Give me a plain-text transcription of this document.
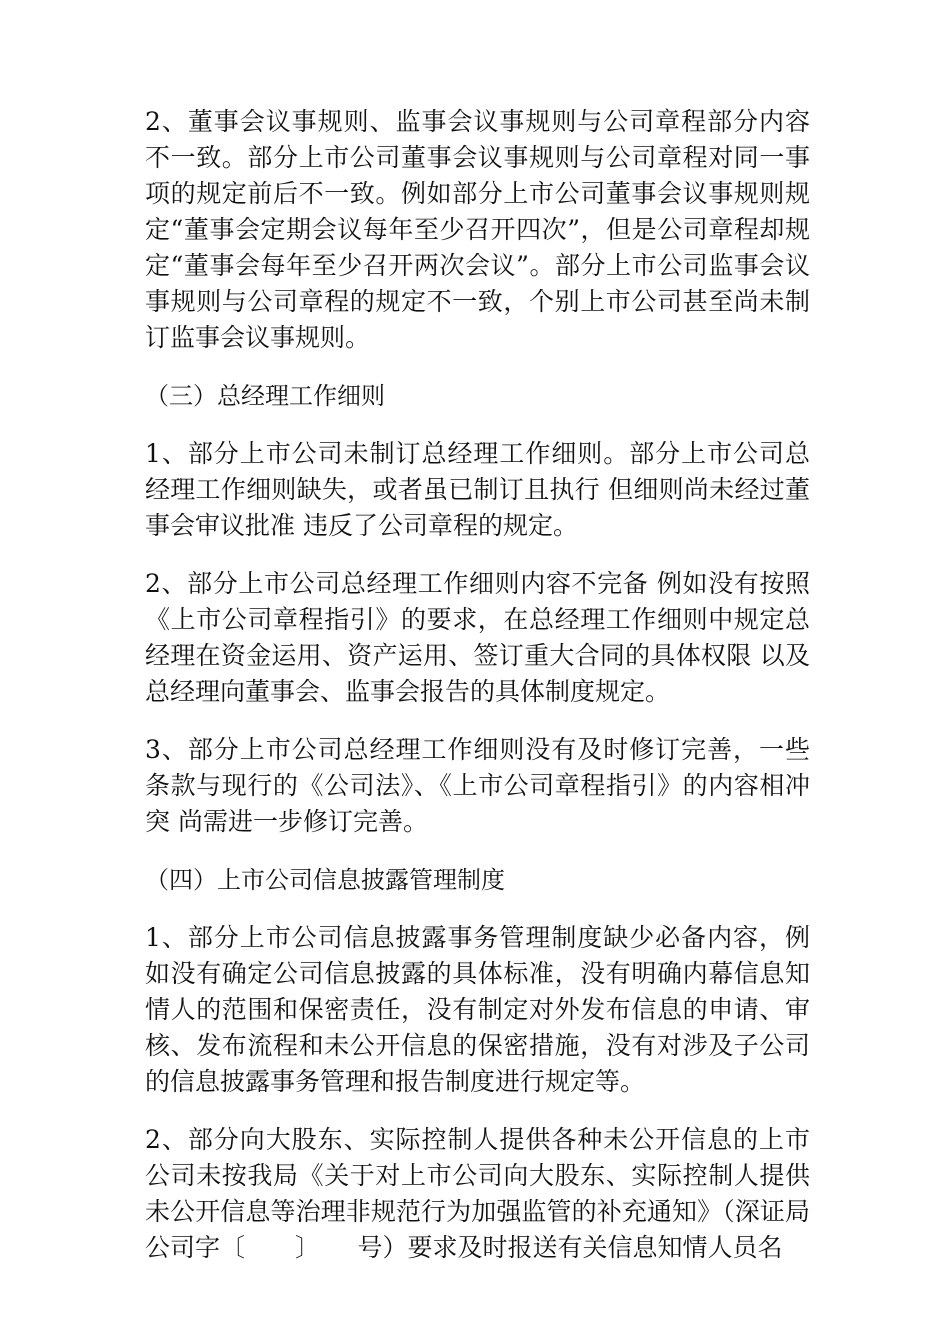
2、董事会议事规则、监事会议事规则与公司章程部分内容不一致。部分上市公司董事会议事规则与公司章程对同一事项的规定前后不一致。例如部分上市公司董事会议事规则规定“董事会定期会议每年至少召开四次”，但是公司章程却规定“董事会每年至少召开两次会议”。部分上市公司监事会议事规则与公司章程的规定不一致，个别上市公司甚至尚未制订监事会议事规则。

（三）总经理工作细则

1、部分上市公司未制订总经理工作细则。部分上市公司总经理工作细则缺失，或者虽已制订且执行 但细则尚未经过董事会审议批准 违反了公司章程的规定。

2、部分上市公司总经理工作细则内容不完备 例如没有按照《上市公司章程指引》的要求，在总经理工作细则中规定总经理在资金运用、资产运用、签订重大合同的具体权限 以及总经理向董事会、监事会报告的具体制度规定。

3、部分上市公司总经理工作细则没有及时修订完善，一些条款与现行的《公司法》、《上市公司章程指引》的内容相冲突 尚需进一步修订完善。

（四）上市公司信息披露管理制度

1、部分上市公司信息披露事务管理制度缺少必备内容，例如没有确定公司信息披露的具体标准，没有明确内幕信息知情人的范围和保密责任，没有制定对外发布信息的申请、审核、发布流程和未公开信息的保密措施，没有对涉及子公司的信息披露事务管理和报告制度进行规定等。

2、部分向大股东、实际控制人提供各种未公开信息的上市公司未按我局《关于对上市公司向大股东、实际控制人提供未公开信息等治理非规范行为加强监管的补充通知》（深证局公司字〔　　〕　　号）要求及时报送有关信息知情人员名
